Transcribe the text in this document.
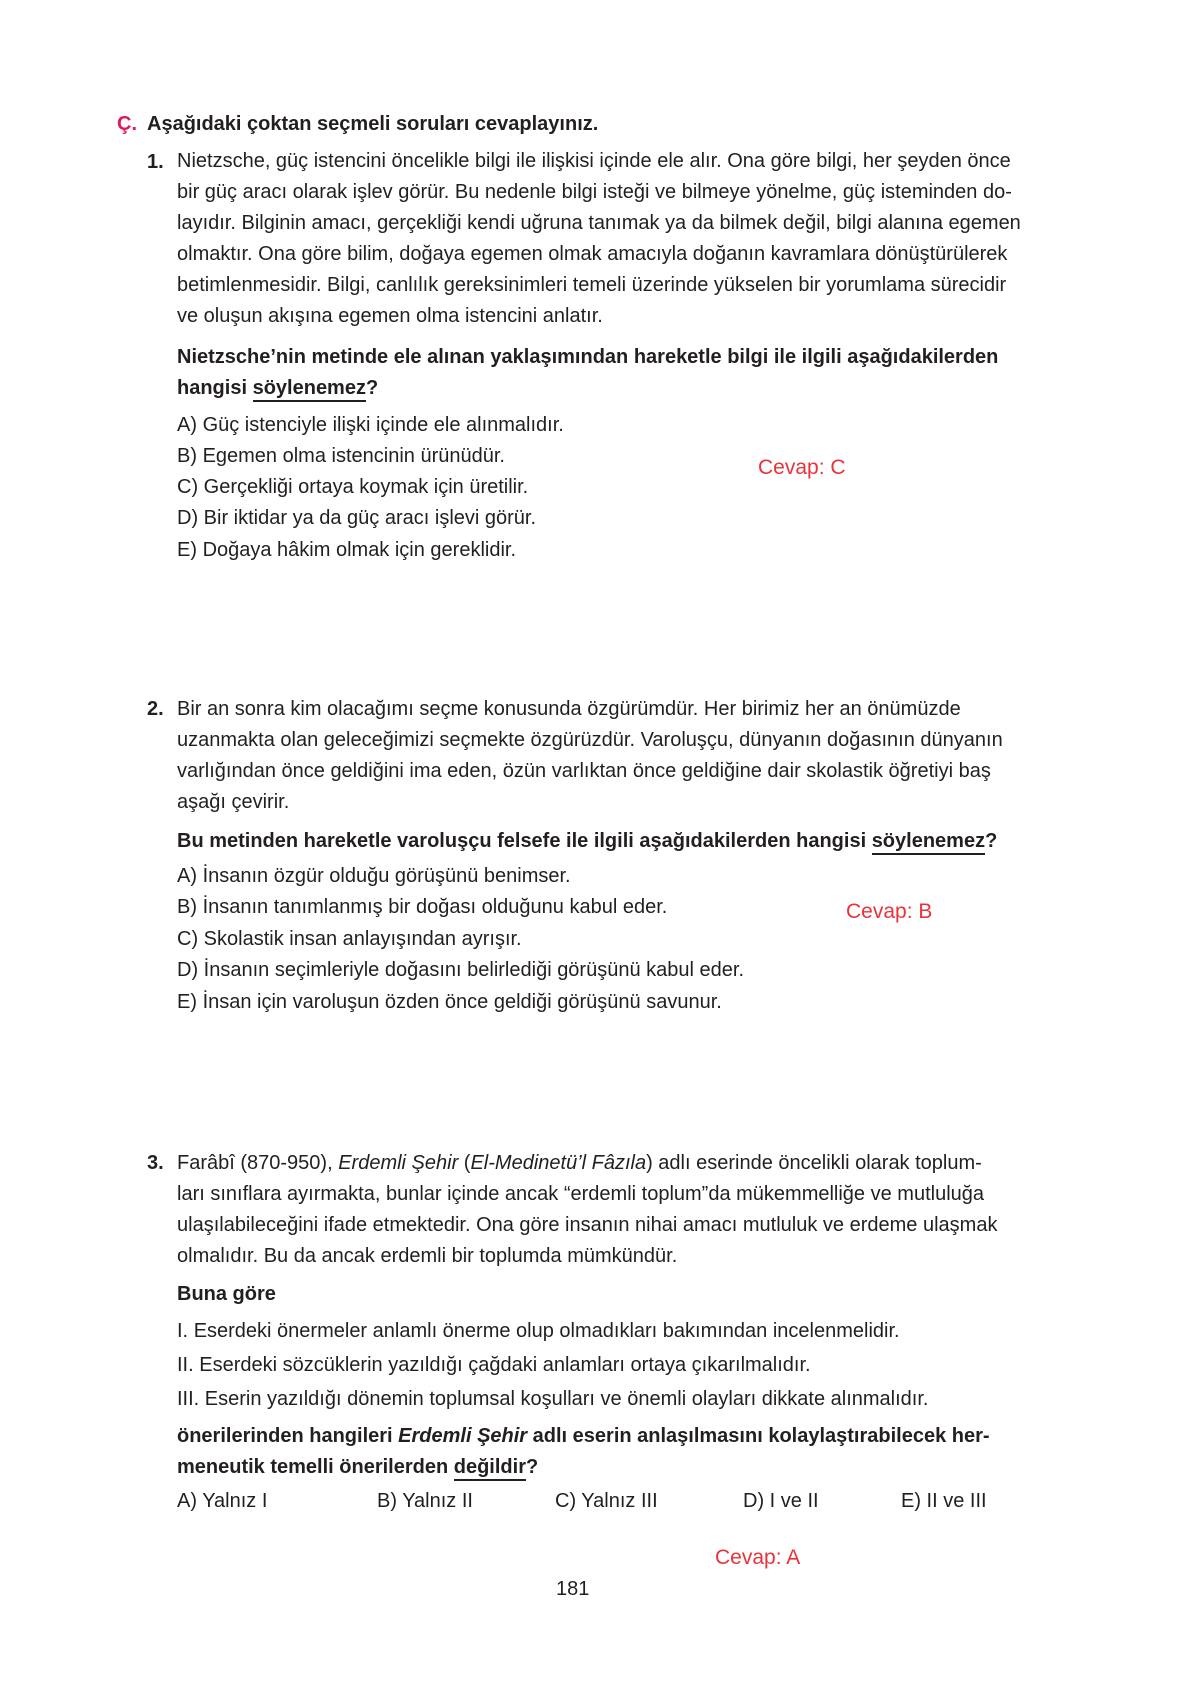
Ç. Aşağıdaki çoktan seçmeli soruları cevaplayınız.
1. Nietzsche, güç istencini öncelikle bilgi ile ilişkisi içinde ele alır. Ona göre bilgi, her şeyden önce
bir güç aracı olarak işlev görür. Bu nedenle bilgi isteği ve bilmeye yönelme, güç isteminden do-
layıdır. Bilginin amacı, gerçekliği kendi uğruna tanımak ya da bilmek değil, bilgi alanına egemen
olmaktır. Ona göre bilim, doğaya egemen olmak amacıyla doğanın kavramlara dönüştürülerek
betimlenmesidir. Bilgi, canlılık gereksinimleri temeli üzerinde yükselen bir yorumlama sürecidir
ve oluşun akışına egemen olma istencini anlatır.
Nietzsche’nin metinde ele alınan yaklaşımından hareketle bilgi ile ilgili aşağıdakilerden
hangisi söylenemez?
A) Güç istenciyle ilişki içinde ele alınmalıdır.
B) Egemen olma istencinin ürünüdür.
C) Gerçekliği ortaya koymak için üretilir.
D) Bir iktidar ya da güç aracı işlevi görür.
E) Doğaya hâkim olmak için gereklidir.
Cevap: C
2. Bir an sonra kim olacağımı seçme konusunda özgürümdür. Her birimiz her an önümüzde
uzanmakta olan geleceğimizi seçmekte özgürüzdür. Varoluşçu, dünyanın doğasının dünyanın
varlığından önce geldiğini ima eden, özün varlıktan önce geldiğine dair skolastik öğretiyi baş
aşağı çevirir.
Bu metinden hareketle varoluşçu felsefe ile ilgili aşağıdakilerden hangisi söylenemez?
A) İnsanın özgür olduğu görüşünü benimser.
B) İnsanın tanımlanmış bir doğası olduğunu kabul eder.
C) Skolastik insan anlayışından ayrışır.
D) İnsanın seçimleriyle doğasını belirlediği görüşünü kabul eder.
E) İnsan için varoluşun özden önce geldiği görüşünü savunur.
Cevap: B
3. Farâbî (870-950), Erdemli Şehir (El-Medinetü’l Fâzıla) adlı eserinde öncelikli olarak toplum-
ları sınıflara ayırmakta, bunlar içinde ancak “erdemli toplum”da mükemmelliğe ve mutluluğa
ulaşılabileceğini ifade etmektedir. Ona göre insanın nihai amacı mutluluk ve erdeme ulaşmak
olmalıdır. Bu da ancak erdemli bir toplumda mümkündür.
Buna göre
I. Eserdeki önermeler anlamlı önerme olup olmadıkları bakımından incelenmelidir.
II. Eserdeki sözcüklerin yazıldığı çağdaki anlamları ortaya çıkarılmalıdır.
III. Eserin yazıldığı dönemin toplumsal koşulları ve önemli olayları dikkate alınmalıdır.
önerilerinden hangileri Erdemli Şehir adlı eserin anlaşılmasını kolaylaştırabilecek her-
meneutik temelli önerilerden değildir?
A) Yalnız I	B) Yalnız II	C) Yalnız III	D) I ve II	E) II ve III
Cevap: A
181
